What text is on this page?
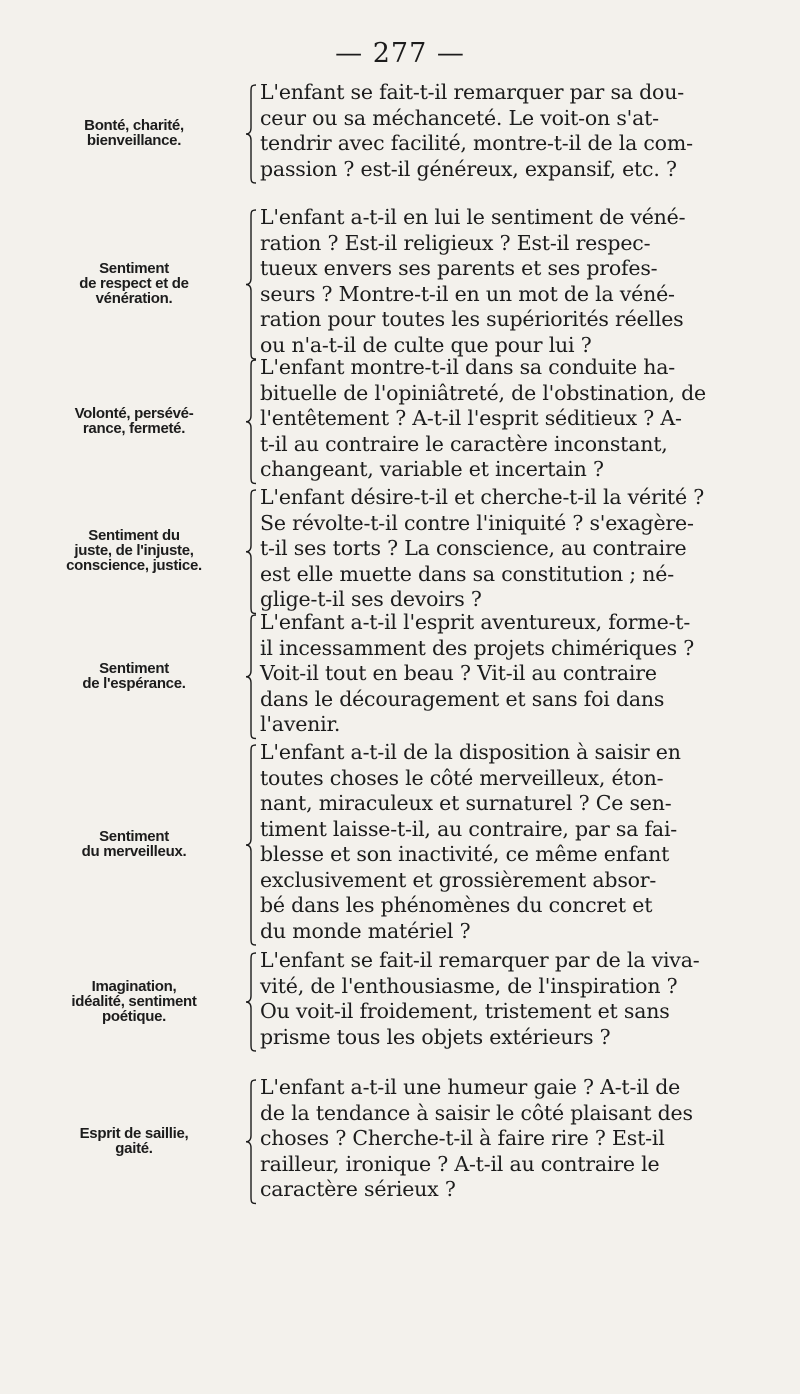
— 277 —
Bonté, charité,
bienveillance.
L'enfant se fait-t-il remarquer par sa dou-
ceur ou sa méchanceté. Le voit-on s'at-
tendrir avec facilité, montre-t-il de la com-
passion ? est-il généreux, expansif, etc. ?
Sentiment
de respect et de
vénération.
L'enfant a-t-il en lui le sentiment de véné-
ration ? Est-il religieux ? Est-il respec-
tueux envers ses parents et ses profes-
seurs ? Montre-t-il en un mot de la véné-
ration pour toutes les supériorités réelles
ou n'a-t-il de culte que pour lui ?
Volonté, persévé-
rance, fermeté.
L'enfant montre-t-il dans sa conduite ha-
bituelle de l'opiniâtreté, de l'obstination, de
l'entêtement ? A-t-il l'esprit séditieux ? A-
t-il au contraire le caractère inconstant,
changeant, variable et incertain ?
Sentiment du
juste, de l'injuste,
conscience, justice.
L'enfant désire-t-il et cherche-t-il la vérité ?
Se révolte-t-il contre l'iniquité ? s'exagère-
t-il ses torts ? La conscience, au contraire
est elle muette dans sa constitution ; né-
glige-t-il ses devoirs ?
Sentiment
de l'espérance.
L'enfant a-t-il l'esprit aventureux, forme-t-
il incessamment des projets chimériques ?
Voit-il tout en beau ? Vit-il au contraire
dans le découragement et sans foi dans
l'avenir.
Sentiment
du merveilleux.
L'enfant a-t-il de la disposition à saisir en
toutes choses le côté merveilleux, éton-
nant, miraculeux et surnaturel ? Ce sen-
timent laisse-t-il, au contraire, par sa fai-
blesse et son inactivité, ce même enfant
exclusivement et grossièrement absor-
bé dans les phénomènes du concret et
du monde matériel ?
Imagination,
idéalité, sentiment
poétique.
L'enfant se fait-il remarquer par de la viva-
vité, de l'enthousiasme, de l'inspiration ?
Ou voit-il froidement, tristement et sans
prisme tous les objets extérieurs ?
Esprit de saillie,
gaité.
L'enfant a-t-il une humeur gaie ? A-t-il de
de la tendance à saisir le côté plaisant des
choses ? Cherche-t-il à faire rire ? Est-il
railleur, ironique ? A-t-il au contraire le
caractère sérieux ?
